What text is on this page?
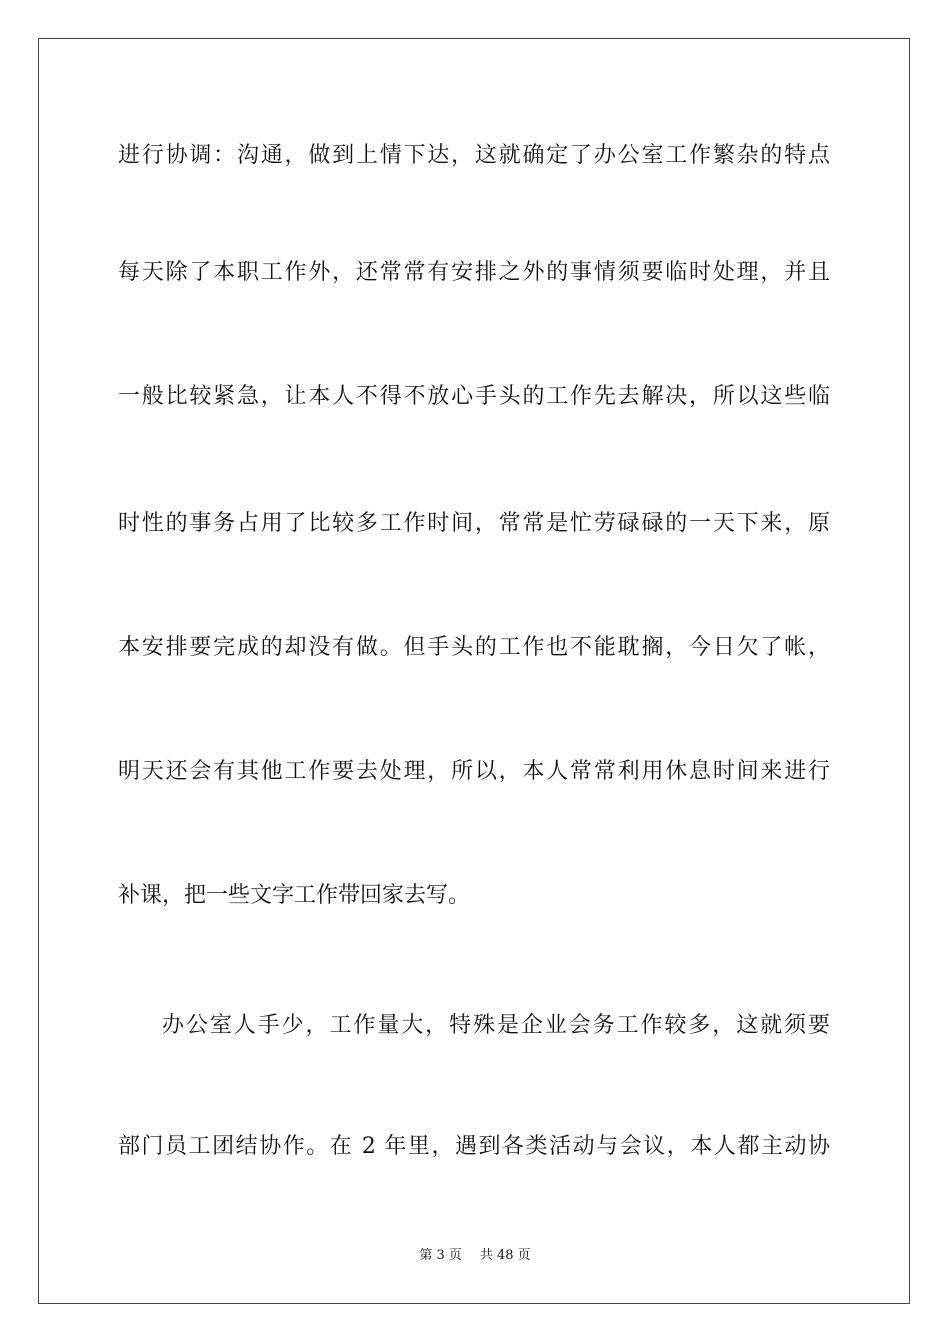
进行协调：沟通，做到上情下达，这就确定了办公室工作繁杂的特点
每天除了本职工作外，还常常有安排之外的事情须要临时处理，并且
一般比较紧急，让本人不得不放心手头的工作先去解决，所以这些临
时性的事务占用了比较多工作时间，常常是忙劳碌碌的一天下来，原
本安排要完成的却没有做。但手头的工作也不能耽搁，今日欠了帐，
明天还会有其他工作要去处理，所以，本人常常利用休息时间来进行
补课，把一些文字工作带回家去写。
办公室人手少，工作量大，特殊是企业会务工作较多，这就须要
部门员工团结协作。在 2 年里，遇到各类活动与会议，本人都主动协
第 3 页 共 48 页
